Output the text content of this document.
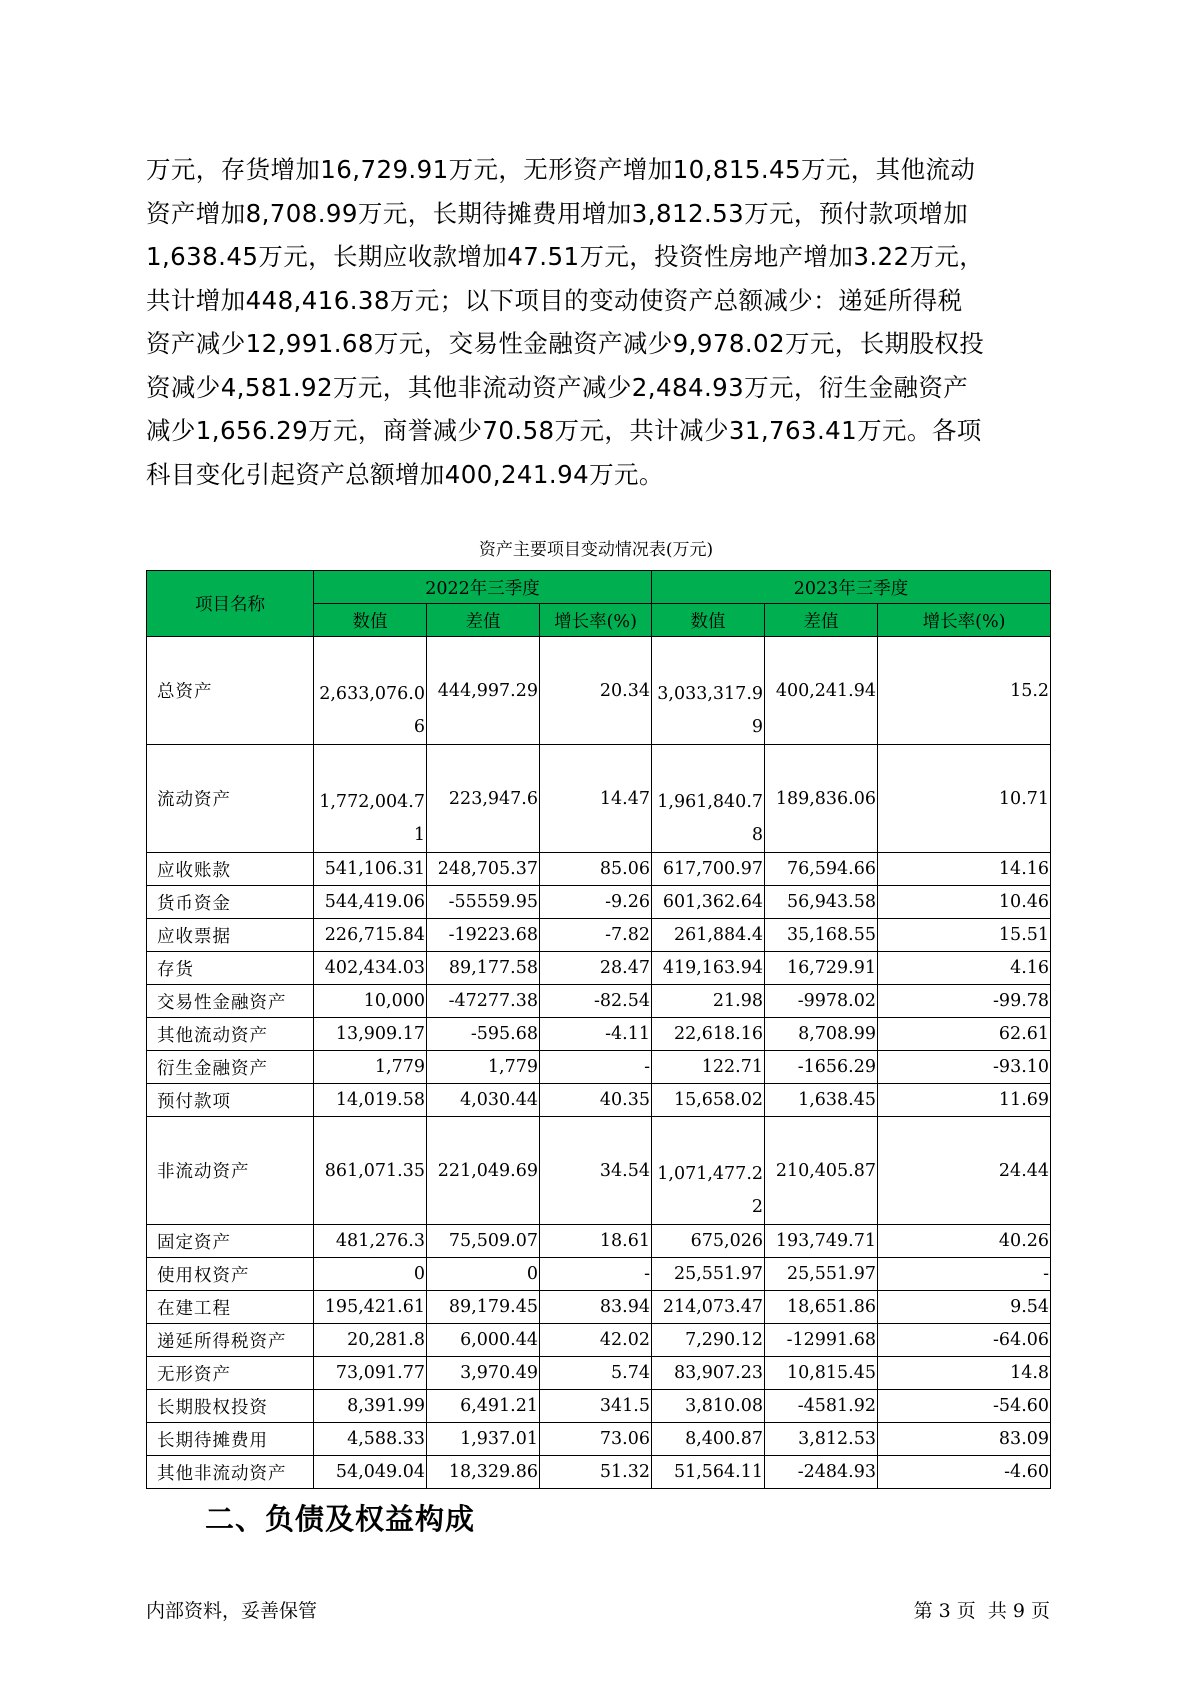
万元，存货增加16,729.91万元，无形资产增加10,815.45万元，其他流动
资产增加8,708.99万元，长期待摊费用增加3,812.53万元，预付款项增加
1,638.45万元，长期应收款增加47.51万元，投资性房地产增加3.22万元，
共计增加448,416.38万元；以下项目的变动使资产总额减少：递延所得税
资产减少12,991.68万元，交易性金融资产减少9,978.02万元，长期股权投
资减少4,581.92万元，其他非流动资产减少2,484.93万元，衍生金融资产
减少1,656.29万元，商誉减少70.58万元，共计减少31,763.41万元。各项
科目变化引起资产总额增加400,241.94万元。
资产主要项目变动情况表(万元)
项目名称	2022年三季度			2023年三季度		
	数值	差值	增长率(%)	数值	差值	增长率(%)
总资产	2,633,076.06	444,997.29	20.34	3,033,317.99	400,241.94	15.2
流动资产	1,772,004.71	223,947.6	14.47	1,961,840.78	189,836.06	10.71
应收账款	541,106.31	248,705.37	85.06	617,700.97	76,594.66	14.16
货币资金	544,419.06	-55559.95	-9.26	601,362.64	56,943.58	10.46
应收票据	226,715.84	-19223.68	-7.82	261,884.4	35,168.55	15.51
存货	402,434.03	89,177.58	28.47	419,163.94	16,729.91	4.16
交易性金融资产	10,000	-47277.38	-82.54	21.98	-9978.02	-99.78
其他流动资产	13,909.17	-595.68	-4.11	22,618.16	8,708.99	62.61
衍生金融资产	1,779	1,779	-	122.71	-1656.29	-93.10
预付款项	14,019.58	4,030.44	40.35	15,658.02	1,638.45	11.69
非流动资产	861,071.35	221,049.69	34.54	1,071,477.22	210,405.87	24.44
固定资产	481,276.3	75,509.07	18.61	675,026	193,749.71	40.26
使用权资产	0	0	-	25,551.97	25,551.97	-
在建工程	195,421.61	89,179.45	83.94	214,073.47	18,651.86	9.54
递延所得税资产	20,281.8	6,000.44	42.02	7,290.12	-12991.68	-64.06
无形资产	73,091.77	3,970.49	5.74	83,907.23	10,815.45	14.8
长期股权投资	8,391.99	6,491.21	341.5	3,810.08	-4581.92	-54.60
长期待摊费用	4,588.33	1,937.01	73.06	8,400.87	3,812.53	83.09
其他非流动资产	54,049.04	18,329.86	51.32	51,564.11	-2484.93	-4.60
二、负债及权益构成
内部资料，妥善保管	第 3 页  共 9 页
